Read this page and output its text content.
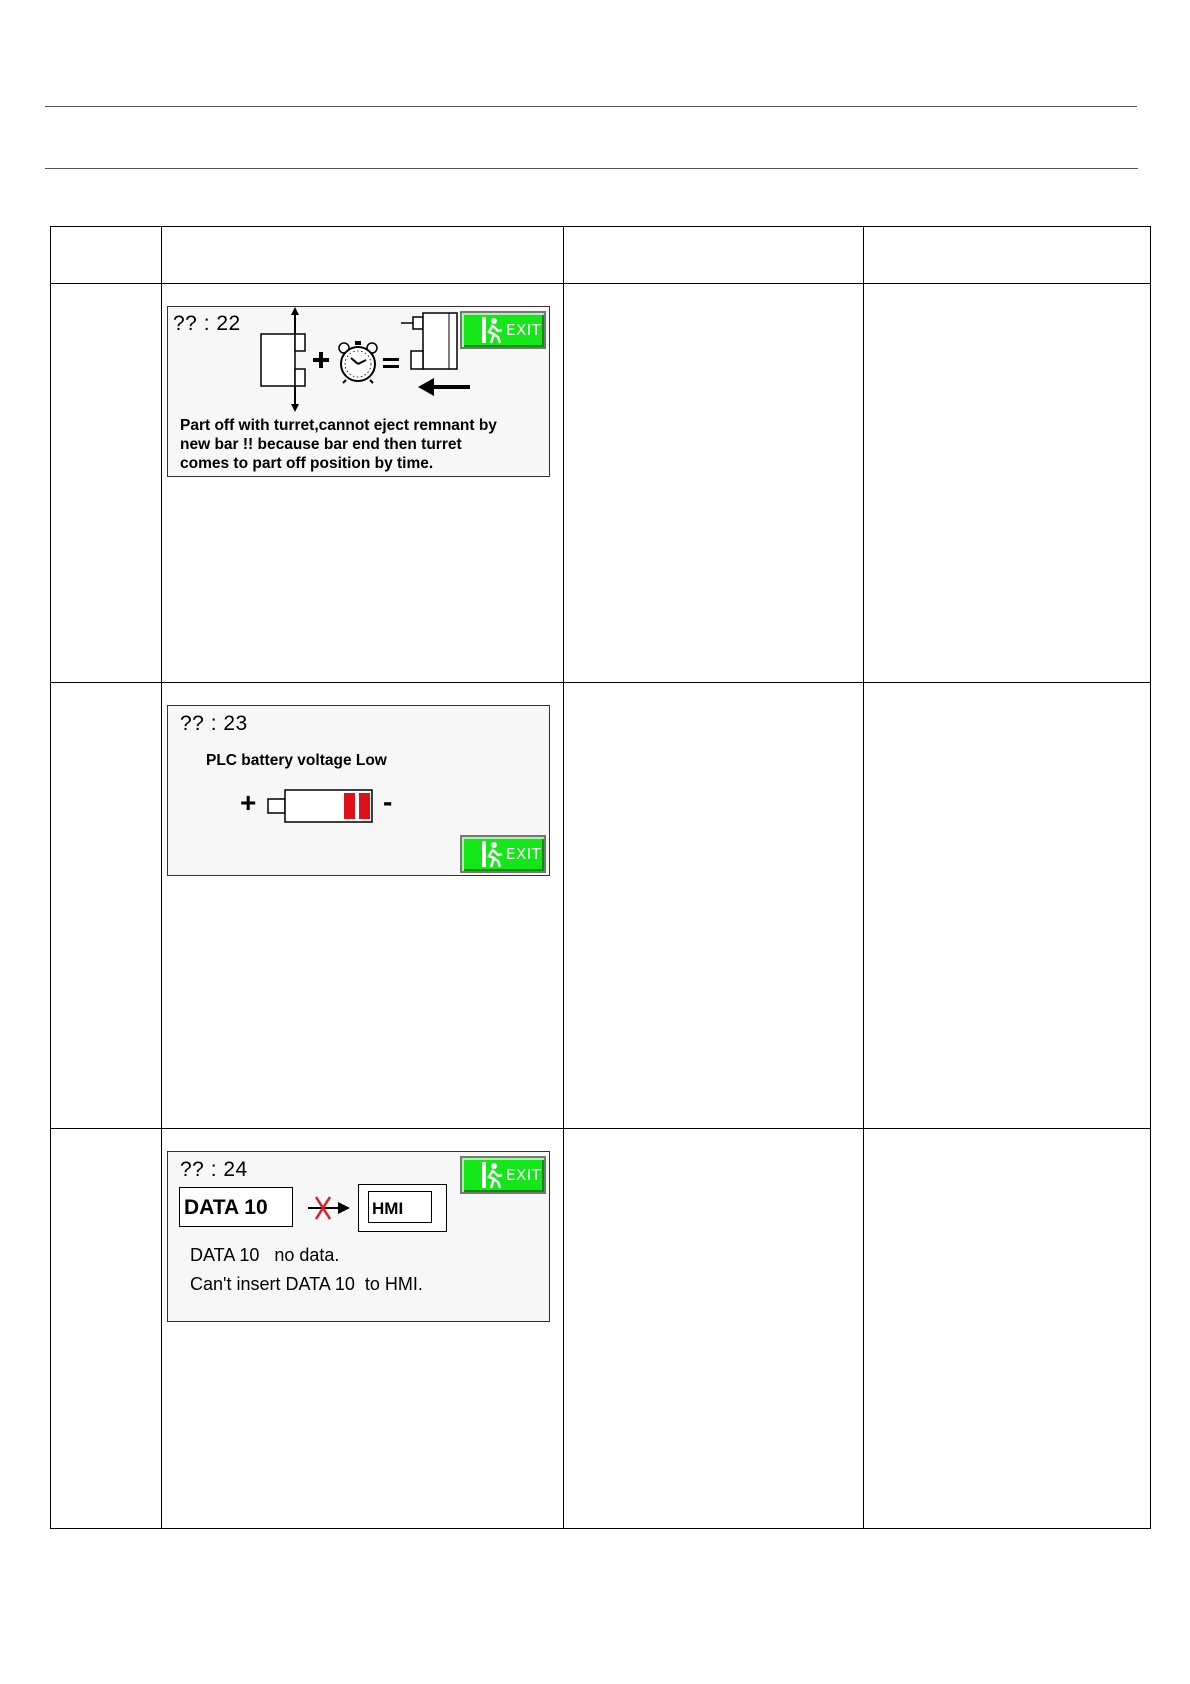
?? : 22	EXIT
Part off with turret,cannot eject remnant by
new bar !! because bar end then turret
comes to part off position by time.
?? : 23
PLC battery voltage Low
+	-
EXIT
?? : 24
DATA 10	HMI
EXIT
DATA 10   no data.
Can't insert DATA 10  to HMI.
